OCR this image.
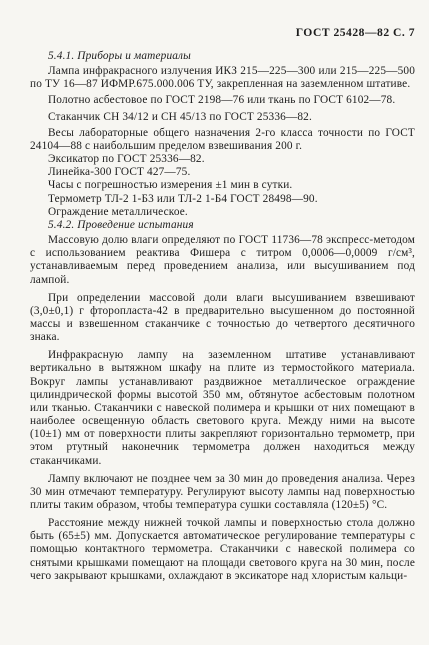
ГОСТ 25428—82 С. 7

5.4.1. Приборы и материалы

Лампа инфракрасного излучения ИКЗ 215—225—300 или 215—225—500 по ТУ 16—87 ИФМР.675.000.006 ТУ, закрепленная на заземленном штативе.

Полотно асбестовое по ГОСТ 2198—76 или ткань по ГОСТ 6102—78.

Стаканчик СН 34/12 и СН 45/13 по ГОСТ 25336—82.

Весы лабораторные общего назначения 2-го класса точности по ГОСТ 24104—88 с наибольшим пределом взвешивания 200 г.

Эксикатор по ГОСТ 25336—82.

Линейка-300 ГОСТ 427—75.

Часы с погрешностью измерения ±1 мин в сутки.

Термометр ТЛ-2 1-Б3 или ТЛ-2 1-Б4 ГОСТ 28498—90.

Ограждение металлическое.

5.4.2. Проведение испытания

Массовую долю влаги определяют по ГОСТ 11736—78 экспресс-методом с использованием реактива Фишера с титром 0,0006—0,0009 г/см³, устанавливаемым перед проведением анализа, или высушиванием под лампой.

При определении массовой доли влаги высушиванием взвешивают (3,0±0,1) г фторопласта-42 в предварительно высушенном до постоянной массы и взвешенном стаканчике с точностью до четвертого десятичного знака.

Инфракрасную лампу на заземленном штативе устанавливают вертикально в вытяжном шкафу на плите из термостойкого материала. Вокруг лампы устанавливают раздвижное металлическое ограждение цилиндрической формы высотой 350 мм, обтянутое асбестовым полотном или тканью. Стаканчики с навеской полимера и крышки от них помещают в наиболее освещенную область светового круга. Между ними на высоте (10±1) мм от поверхности плиты закрепляют горизонтально термометр, при этом ртутный наконечник термометра должен находиться между стаканчиками.

Лампу включают не позднее чем за 30 мин до проведения анализа. Через 30 мин отмечают температуру. Регулируют высоту лампы над поверхностью плиты таким образом, чтобы температура сушки составляла (120±5) °С.

Расстояние между нижней точкой лампы и поверхностью стола должно быть (65±5) мм. Допускается автоматическое регулирование температуры с помощью контактного термометра. Стаканчики с навеской полимера со снятыми крышками помещают на площади светового круга на 30 мин, после чего закрывают крышками, охлаждают в эксикаторе над хлористым кальци-
